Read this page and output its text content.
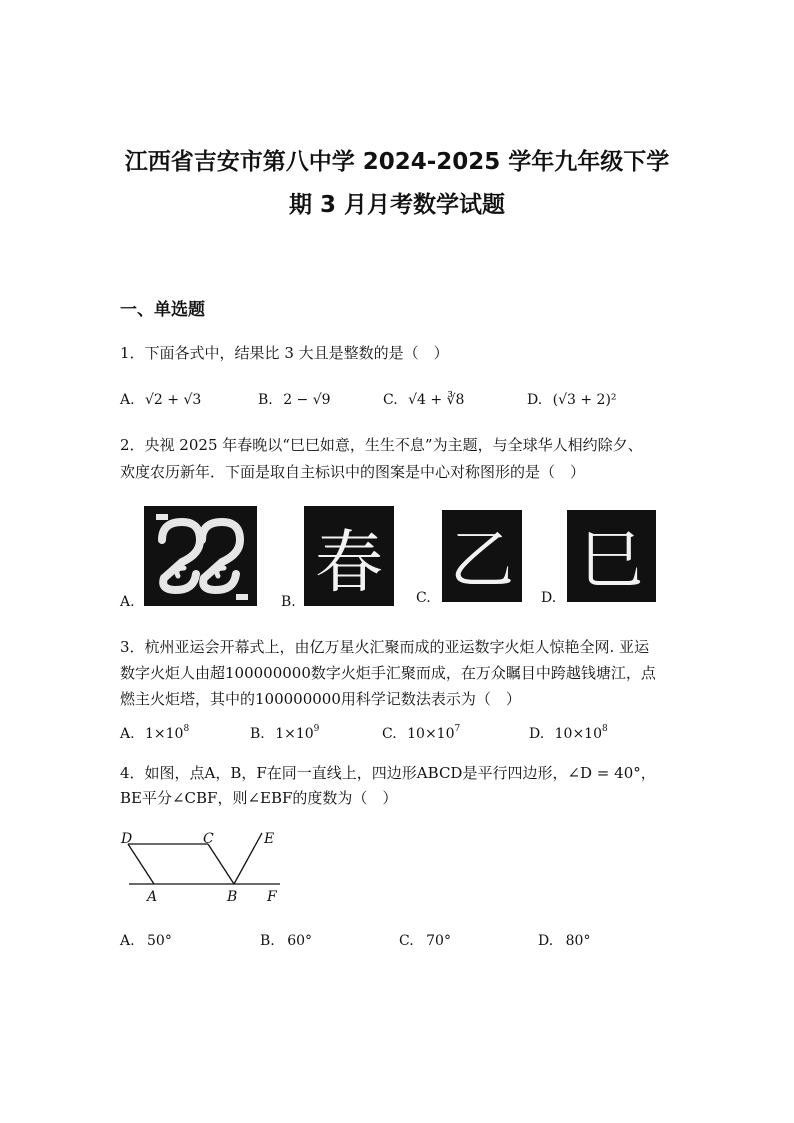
江西省吉安市第八中学 2024-2025 学年九年级下学
期 3 月月考数学试题
一、单选题
1．下面各式中，结果比 3 大且是整数的是（　）
A. √2 + √3	B. 2 − √9	C. √4 + ∛8	D. (√3 + 2)²
2．央视 2025 年春晚以“巳巳如意，生生不息”为主题，与全球华人相约除夕、
欢度农历新年．下面是取自主标识中的图案是中心对称图形的是（　）
A.	B. 春 C. 乙 D. 巳
3．杭州亚运会开幕式上，由亿万星火汇聚而成的亚运数字火炬人惊艳全网. 亚运
数字火炬人由超100000000数字火炬手汇聚而成，在万众瞩目中跨越钱塘江，点
燃主火炬塔，其中的100000000用科学记数法表示为（　）
A. $1\times 10^8$	B. $1\times 10^9$	C. $10\times 10^7$	D. $10\times 10^8$
4．如图，点A，B，F在同一直线上，四边形ABCD是平行四边形，∠D = 40°，
BE平分∠CBF，则∠EBF的度数为（　）
D	C	E
A	B F
A. 50°	B. 60°	C. 70°	D. 80°
